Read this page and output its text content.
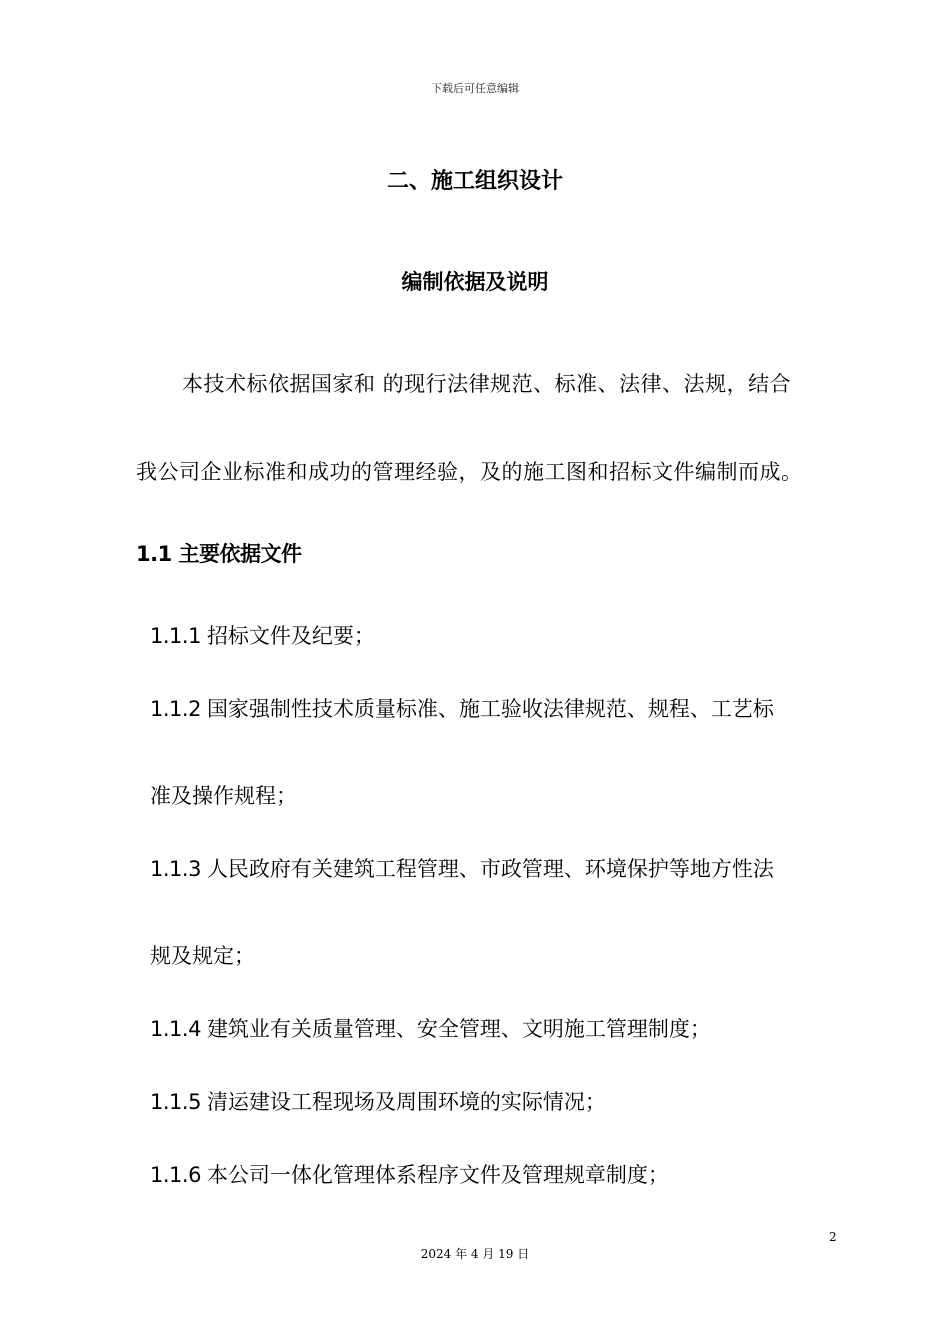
下载后可任意编辑
二、施工组织设计
编制依据及说明
本技术标依据国家和 的现行法律规范、标准、法律、法规，结合
我公司企业标准和成功的管理经验，及的施工图和招标文件编制而成。
1.1 主要依据文件
1.1.1 招标文件及纪要；
1.1.2 国家强制性技术质量标准、施工验收法律规范、规程、工艺标
准及操作规程；
1.1.3 人民政府有关建筑工程管理、市政管理、环境保护等地方性法
规及规定；
1.1.4 建筑业有关质量管理、安全管理、文明施工管理制度；
1.1.5 清运建设工程现场及周围环境的实际情况；
1.1.6 本公司一体化管理体系程序文件及管理规章制度；
2
2024 年 4 月 19 日
